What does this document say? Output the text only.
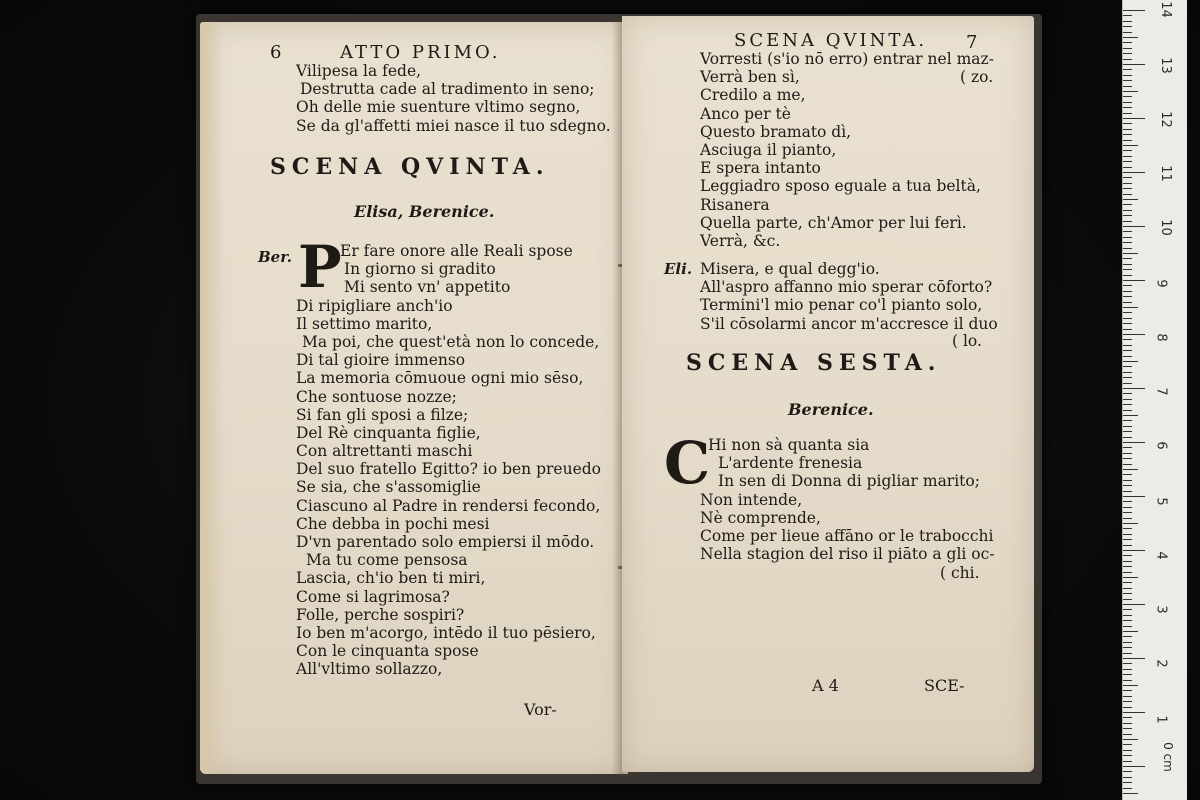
6	ATTO PRIMO.
Vilipesa la fede,
Destrutta cade al tradimento in seno;
Oh delle mie suenture vltimo segno,
Se da gl'affetti miei nasce il tuo sdegno.
SCENA QVINTA.
Elisa, Berenice.
Ber. P
Er fare onore alle Reali spose
In giorno si gradito
Mi sento vn' appetito
Di ripigliare anch'io
Il settimo marito,
Ma poi, che quest'età non lo concede,
Di tal gioire immenso
La memoria cōmuoue ogni mio sēso,
Che sontuose nozze;
Si fan gli sposi a filze;
Del Rè cinquanta figlie,
Con altrettanti maschi
Del suo fratello Egitto? io ben preuedo
Se sia, che s'assomiglie
Ciascuno al Padre in rendersi fecondo,
Che debba in pochi mesi
D'vn parentado solo empiersi il mōdo.
Ma tu come pensosa
Lascia, ch'io ben ti miri,
Come si lagrimosa?
Folle, perche sospiri?
Io ben m'acorgo, intēdo il tuo pēsiero,
Con le cinquanta spose
All'vltimo sollazzo,
Vor-
SCENA QVINTA. 7
Vorresti (s'io nō erro) entrar nel maz-
Verrà ben sì,
Credilo a me,
Anco per tè
Questo bramato dì,
Asciuga il pianto,
E spera intanto
Leggiadro sposo eguale a tua beltà,
Risanera
Quella parte, ch'Amor per lui ferì.
Verrà, &c.
( zo.
Eli. Misera, e qual degg'io.
All'aspro affanno mio sperar cōforto?
Termini'l mio penar co'l pianto solo,
S'il cōsolarmi ancor m'accresce il duo
( lo.
SCENA SESTA.
Berenice.
C
Hi non sà quanta sia
L'ardente frenesia
In sen di Donna di pigliar marito;
Non intende,
Nè comprende,
Come per lieue affāno or le trabocchi
Nella stagion del riso il piāto a gli oc-
( chi.
A 4	SCE-
14
13
12
11
10
9
8
7
6
5
4
3
2
1
0 cm
